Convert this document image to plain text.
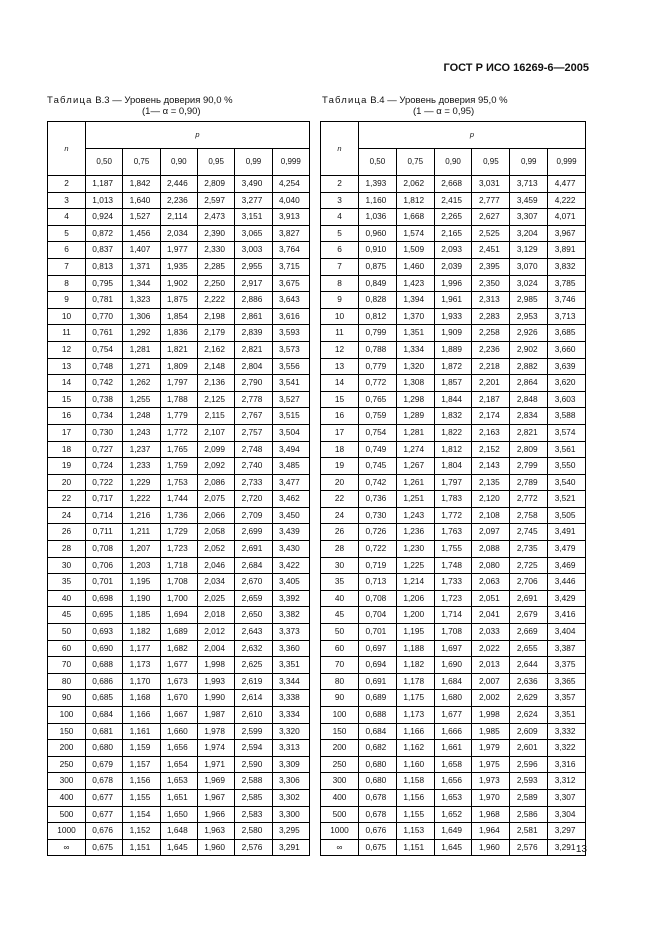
ГОСТ Р ИСО 16269-6—2005
Таблица В.3 — Уровень доверия 90,0 %
(1— α = 0,90)
Таблица В.4 — Уровень доверия 95,0 %
(1 — α = 0,95)
n	p					
	0,50	0,75	0,90	0,95	0,99	0,999
2	1,187	1,842	2,446	2,809	3,490	4,254
3	1,013	1,640	2,236	2,597	3,277	4,040
4	0,924	1,527	2,114	2,473	3,151	3,913
5	0,872	1,456	2,034	2,390	3,065	3,827
6	0,837	1,407	1,977	2,330	3,003	3,764
7	0,813	1,371	1,935	2,285	2,955	3,715
8	0,795	1,344	1,902	2,250	2,917	3,675
9	0,781	1,323	1,875	2,222	2,886	3,643
10	0,770	1,306	1,854	2,198	2,861	3,616
11	0,761	1,292	1,836	2,179	2,839	3,593
12	0,754	1,281	1,821	2,162	2,821	3,573
13	0,748	1,271	1,809	2,148	2,804	3,556
14	0,742	1,262	1,797	2,136	2,790	3,541
15	0,738	1,255	1,788	2,125	2,778	3,527
16	0,734	1,248	1,779	2,115	2,767	3,515
17	0,730	1,243	1,772	2,107	2,757	3,504
18	0,727	1,237	1,765	2,099	2,748	3,494
19	0,724	1,233	1,759	2,092	2,740	3,485
20	0,722	1,229	1,753	2,086	2,733	3,477
22	0,717	1,222	1,744	2,075	2,720	3,462
24	0,714	1,216	1,736	2,066	2,709	3,450
26	0,711	1,211	1,729	2,058	2,699	3,439
28	0,708	1,207	1,723	2,052	2,691	3,430
30	0,706	1,203	1,718	2,046	2,684	3,422
35	0,701	1,195	1,708	2,034	2,670	3,405
40	0,698	1,190	1,700	2,025	2,659	3,392
45	0,695	1,185	1,694	2,018	2,650	3,382
50	0,693	1,182	1,689	2,012	2,643	3,373
60	0,690	1,177	1,682	2,004	2,632	3,360
70	0,688	1,173	1,677	1,998	2,625	3,351
80	0,686	1,170	1,673	1,993	2,619	3,344
90	0,685	1,168	1,670	1,990	2,614	3,338
100	0,684	1,166	1,667	1,987	2,610	3,334
150	0,681	1,161	1,660	1,978	2,599	3,320
200	0,680	1,159	1,656	1,974	2,594	3,313
250	0,679	1,157	1,654	1,971	2,590	3,309
300	0,678	1,156	1,653	1,969	2,588	3,306
400	0,677	1,155	1,651	1,967	2,585	3,302
500	0,677	1,154	1,650	1,966	2,583	3,300
1000	0,676	1,152	1,648	1,963	2,580	3,295
∞	0,675	1,151	1,645	1,960	2,576	3,291
n	p					
	0,50	0,75	0,90	0,95	0,99	0,999
2	1,393	2,062	2,668	3,031	3,713	4,477
3	1,160	1,812	2,415	2,777	3,459	4,222
4	1,036	1,668	2,265	2,627	3,307	4,071
5	0,960	1,574	2,165	2,525	3,204	3,967
6	0,910	1,509	2,093	2,451	3,129	3,891
7	0,875	1,460	2,039	2,395	3,070	3,832
8	0,849	1,423	1,996	2,350	3,024	3,785
9	0,828	1,394	1,961	2,313	2,985	3,746
10	0,812	1,370	1,933	2,283	2,953	3,713
11	0,799	1,351	1,909	2,258	2,926	3,685
12	0,788	1,334	1,889	2,236	2,902	3,660
13	0,779	1,320	1,872	2,218	2,882	3,639
14	0,772	1,308	1,857	2,201	2,864	3,620
15	0,765	1,298	1,844	2,187	2,848	3,603
16	0,759	1,289	1,832	2,174	2,834	3,588
17	0,754	1,281	1,822	2,163	2,821	3,574
18	0,749	1,274	1,812	2,152	2,809	3,561
19	0,745	1,267	1,804	2,143	2,799	3,550
20	0,742	1,261	1,797	2,135	2,789	3,540
22	0,736	1,251	1,783	2,120	2,772	3,521
24	0,730	1,243	1,772	2,108	2,758	3,505
26	0,726	1,236	1,763	2,097	2,745	3,491
28	0,722	1,230	1,755	2,088	2,735	3,479
30	0,719	1,225	1,748	2,080	2,725	3,469
35	0,713	1,214	1,733	2,063	2,706	3,446
40	0,708	1,206	1,723	2,051	2,691	3,429
45	0,704	1,200	1,714	2,041	2,679	3,416
50	0,701	1,195	1,708	2,033	2,669	3,404
60	0,697	1,188	1,697	2,022	2,655	3,387
70	0,694	1,182	1,690	2,013	2,644	3,375
80	0,691	1,178	1,684	2,007	2,636	3,365
90	0,689	1,175	1,680	2,002	2,629	3,357
100	0,688	1,173	1,677	1,998	2,624	3,351
150	0,684	1,166	1,666	1,985	2,609	3,332
200	0,682	1,162	1,661	1,979	2,601	3,322
250	0,680	1,160	1,658	1,975	2,596	3,316
300	0,680	1,158	1,656	1,973	2,593	3,312
400	0,678	1,156	1,653	1,970	2,589	3,307
500	0,678	1,155	1,652	1,968	2,586	3,304
1000	0,676	1,153	1,649	1,964	2,581	3,297
∞	0,675	1,151	1,645	1,960	2,576	3,291 13
